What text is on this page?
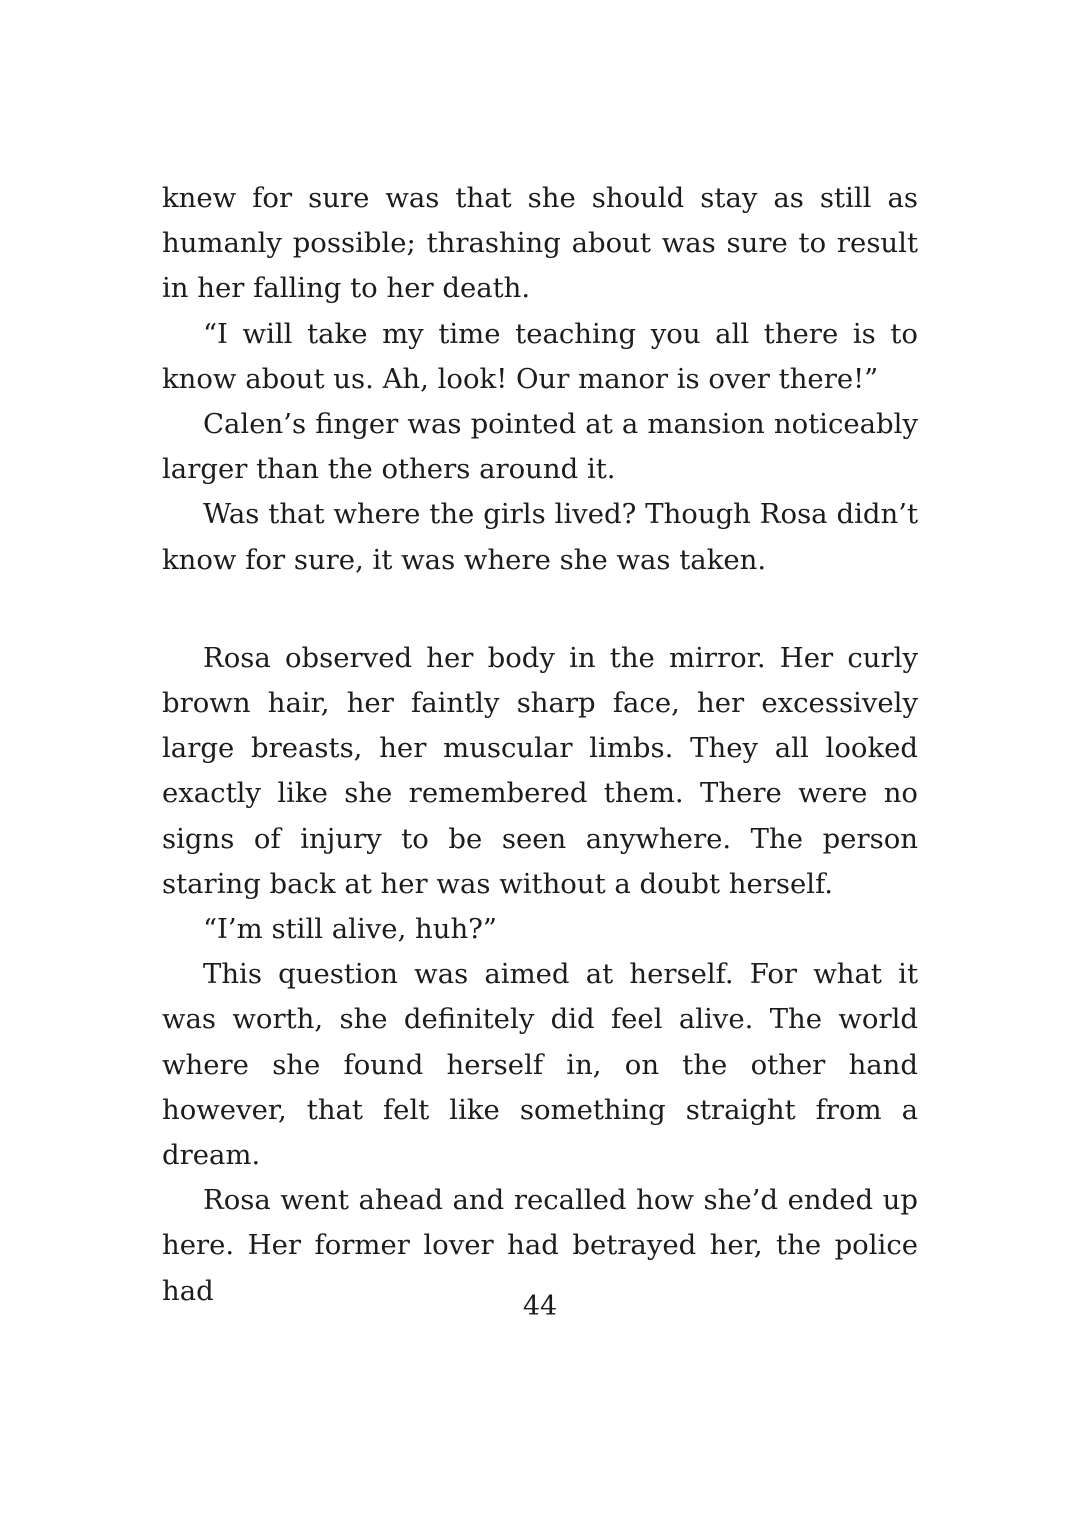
knew for sure was that she should stay as still as humanly possible; thrashing about was sure to result in her falling to her death.

“I will take my time teaching you all there is to know about us. Ah, look! Our manor is over there!”

Calen’s finger was pointed at a mansion noticeably larger than the others around it.

Was that where the girls lived? Though Rosa didn’t know for sure, it was where she was taken.

Rosa observed her body in the mirror. Her curly brown hair, her faintly sharp face, her excessively large breasts, her muscular limbs. They all looked exactly like she remembered them. There were no signs of injury to be seen anywhere. The person staring back at her was without a doubt herself.

“I’m still alive, huh?”

This question was aimed at herself. For what it was worth, she definitely did feel alive. The world where she found herself in, on the other hand however, that felt like something straight from a dream.

Rosa went ahead and recalled how she’d ended up here. Her former lover had betrayed her, the police had	44
